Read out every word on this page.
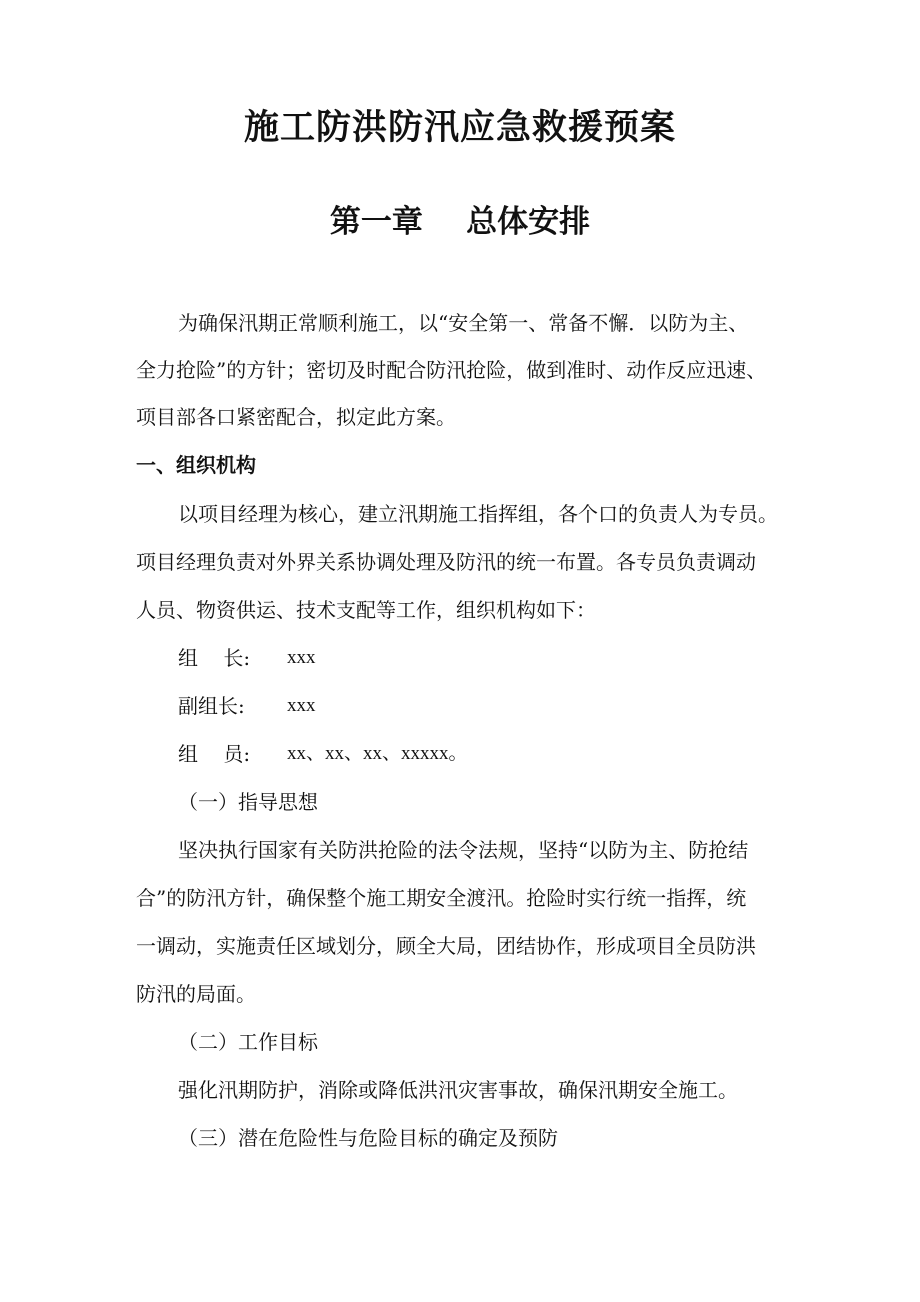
施工防洪防汛应急救援预案
第一章    总体安排
为确保汛期正常顺利施工，以“安全第一、常备不懈．以防为主、
全力抢险”的方针；密切及时配合防汛抢险，做到准时、动作反应迅速、
项目部各口紧密配合，拟定此方案。
一、组织机构
以项目经理为核心，建立汛期施工指挥组，各个口的负责人为专员。
项目经理负责对外界关系协调处理及防汛的统一布置。各专员负责调动
人员、物资供运、技术支配等工作，组织机构如下：
组    长: xxx
副组长: xxx
组    员: xx、xx、xx、xxxxx。
（一）指导思想
坚决执行国家有关防洪抢险的法令法规，坚持“以防为主、防抢结
合”的防汛方针，确保整个施工期安全渡汛。抢险时实行统一指挥，统
一调动，实施责任区域划分，顾全大局，团结协作，形成项目全员防洪
防汛的局面。
（二）工作目标
强化汛期防护，消除或降低洪汛灾害事故，确保汛期安全施工。
（三）潜在危险性与危险目标的确定及预防
